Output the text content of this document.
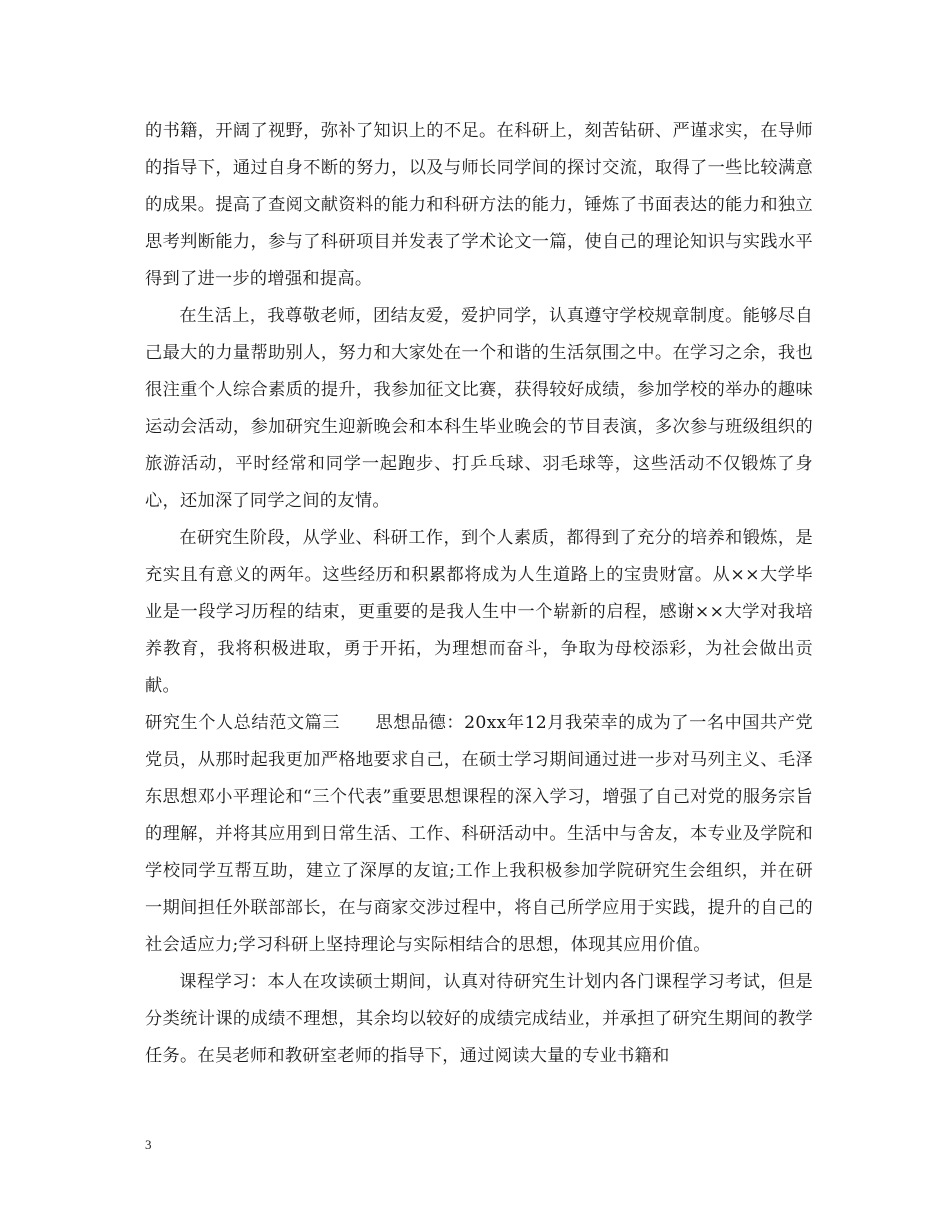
的书籍，开阔了视野，弥补了知识上的不足。在科研上，刻苦钻研、严谨求实，在导师的指导下，通过自身不断的努力，以及与师长同学间的探讨交流，取得了一些比较满意的成果。提高了查阅文献资料的能力和科研方法的能力，锤炼了书面表达的能力和独立思考判断能力，参与了科研项目并发表了学术论文一篇，使自己的理论知识与实践水平得到了进一步的增强和提高。

在生活上，我尊敬老师，团结友爱，爱护同学，认真遵守学校规章制度。能够尽自己最大的力量帮助别人，努力和大家处在一个和谐的生活氛围之中。在学习之余，我也很注重个人综合素质的提升，我参加征文比赛，获得较好成绩，参加学校的举办的趣味运动会活动，参加研究生迎新晚会和本科生毕业晚会的节目表演，多次参与班级组织的旅游活动，平时经常和同学一起跑步、打乒乓球、羽毛球等，这些活动不仅锻炼了身心，还加深了同学之间的友情。

在研究生阶段，从学业、科研工作，到个人素质，都得到了充分的培养和锻炼，是充实且有意义的两年。这些经历和积累都将成为人生道路上的宝贵财富。从××大学毕业是一段学习历程的结束，更重要的是我人生中一个崭新的启程，感谢××大学对我培养教育，我将积极进取，勇于开拓，为理想而奋斗，争取为母校添彩，为社会做出贡献。

研究生个人总结范文篇三　　思想品德：20xx年12月我荣幸的成为了一名中国共产党党员，从那时起我更加严格地要求自己，在硕士学习期间通过进一步对马列主义、毛泽东思想邓小平理论和“三个代表”重要思想课程的深入学习，增强了自己对党的服务宗旨的理解，并将其应用到日常生活、工作、科研活动中。生活中与舍友，本专业及学院和学校同学互帮互助，建立了深厚的友谊;工作上我积极参加学院研究生会组织，并在研一期间担任外联部部长，在与商家交涉过程中，将自己所学应用于实践，提升的自己的社会适应力;学习科研上坚持理论与实际相结合的思想，体现其应用价值。

课程学习：本人在攻读硕士期间，认真对待研究生计划内各门课程学习考试，但是分类统计课的成绩不理想，其余均以较好的成绩完成结业，并承担了研究生期间的教学任务。在吴老师和教研室老师的指导下，通过阅读大量的专业书籍和

3
